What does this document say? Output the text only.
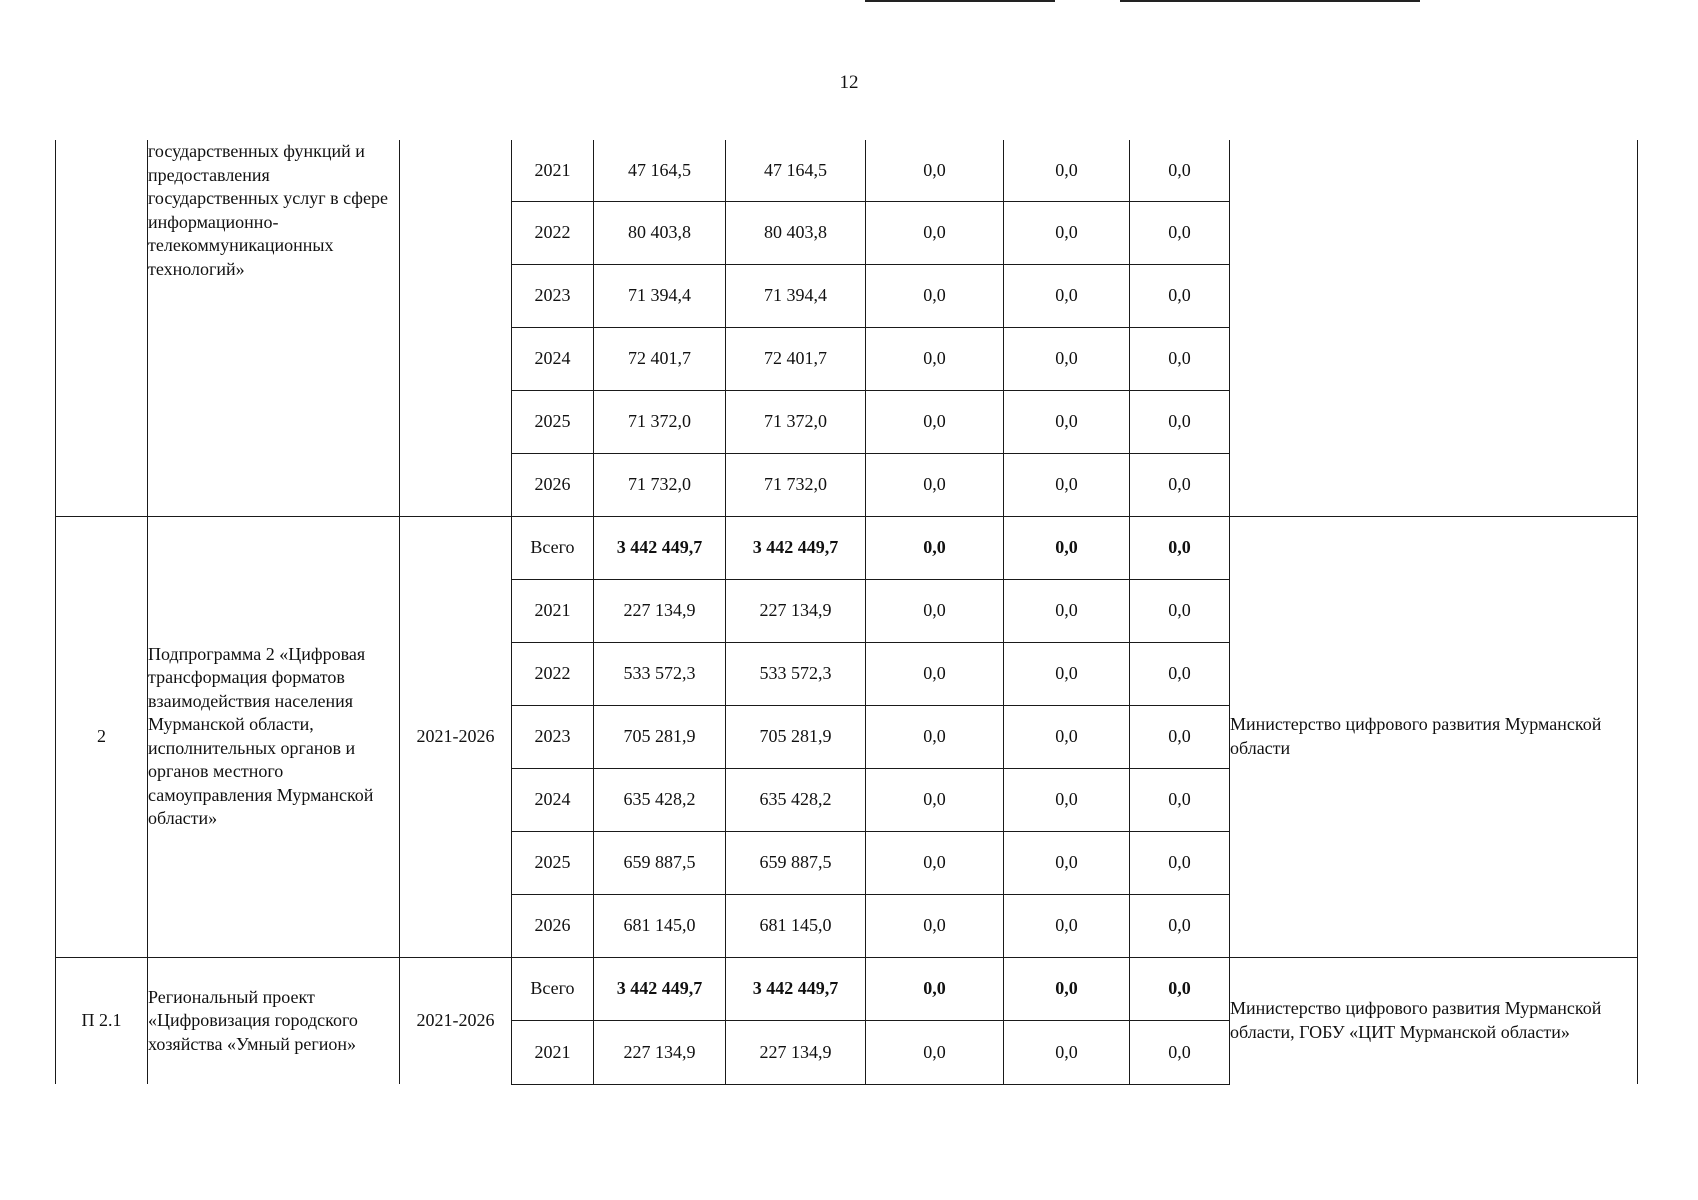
12
	государственных функций и предоставления государственных услуг в сфере информационно-телекоммуникационных технологий»		2021	47 164,5	47 164,5	0,0	0,0	0,0	
			2022	80 403,8	80 403,8	0,0	0,0	0,0	
			2023	71 394,4	71 394,4	0,0	0,0	0,0	
			2024	72 401,7	72 401,7	0,0	0,0	0,0	
			2025	71 372,0	71 372,0	0,0	0,0	0,0	
			2026	71 732,0	71 732,0	0,0	0,0	0,0	
2	Подпрограмма 2 «Цифровая трансформация форматов взаимодействия населения Мурманской области, исполнительных органов и органов местного самоуправления Мурманской области»	2021-2026	Всего	3 442 449,7	3 442 449,7	0,0	0,0	0,0	Министерство цифрового развития Мурманской области
			2021	227 134,9	227 134,9	0,0	0,0	0,0	
			2022	533 572,3	533 572,3	0,0	0,0	0,0	
			2023	705 281,9	705 281,9	0,0	0,0	0,0	
			2024	635 428,2	635 428,2	0,0	0,0	0,0	
			2025	659 887,5	659 887,5	0,0	0,0	0,0	
			2026	681 145,0	681 145,0	0,0	0,0	0,0	
П 2.1	Региональный проект «Цифровизация городского хозяйства «Умный регион»	2021-2026	Всего	3 442 449,7	3 442 449,7	0,0	0,0	0,0	Министерство цифрового развития Мурманской области, ГОБУ «ЦИТ Мурманской области»
			2021	227 134,9	227 134,9	0,0	0,0	0,0	
